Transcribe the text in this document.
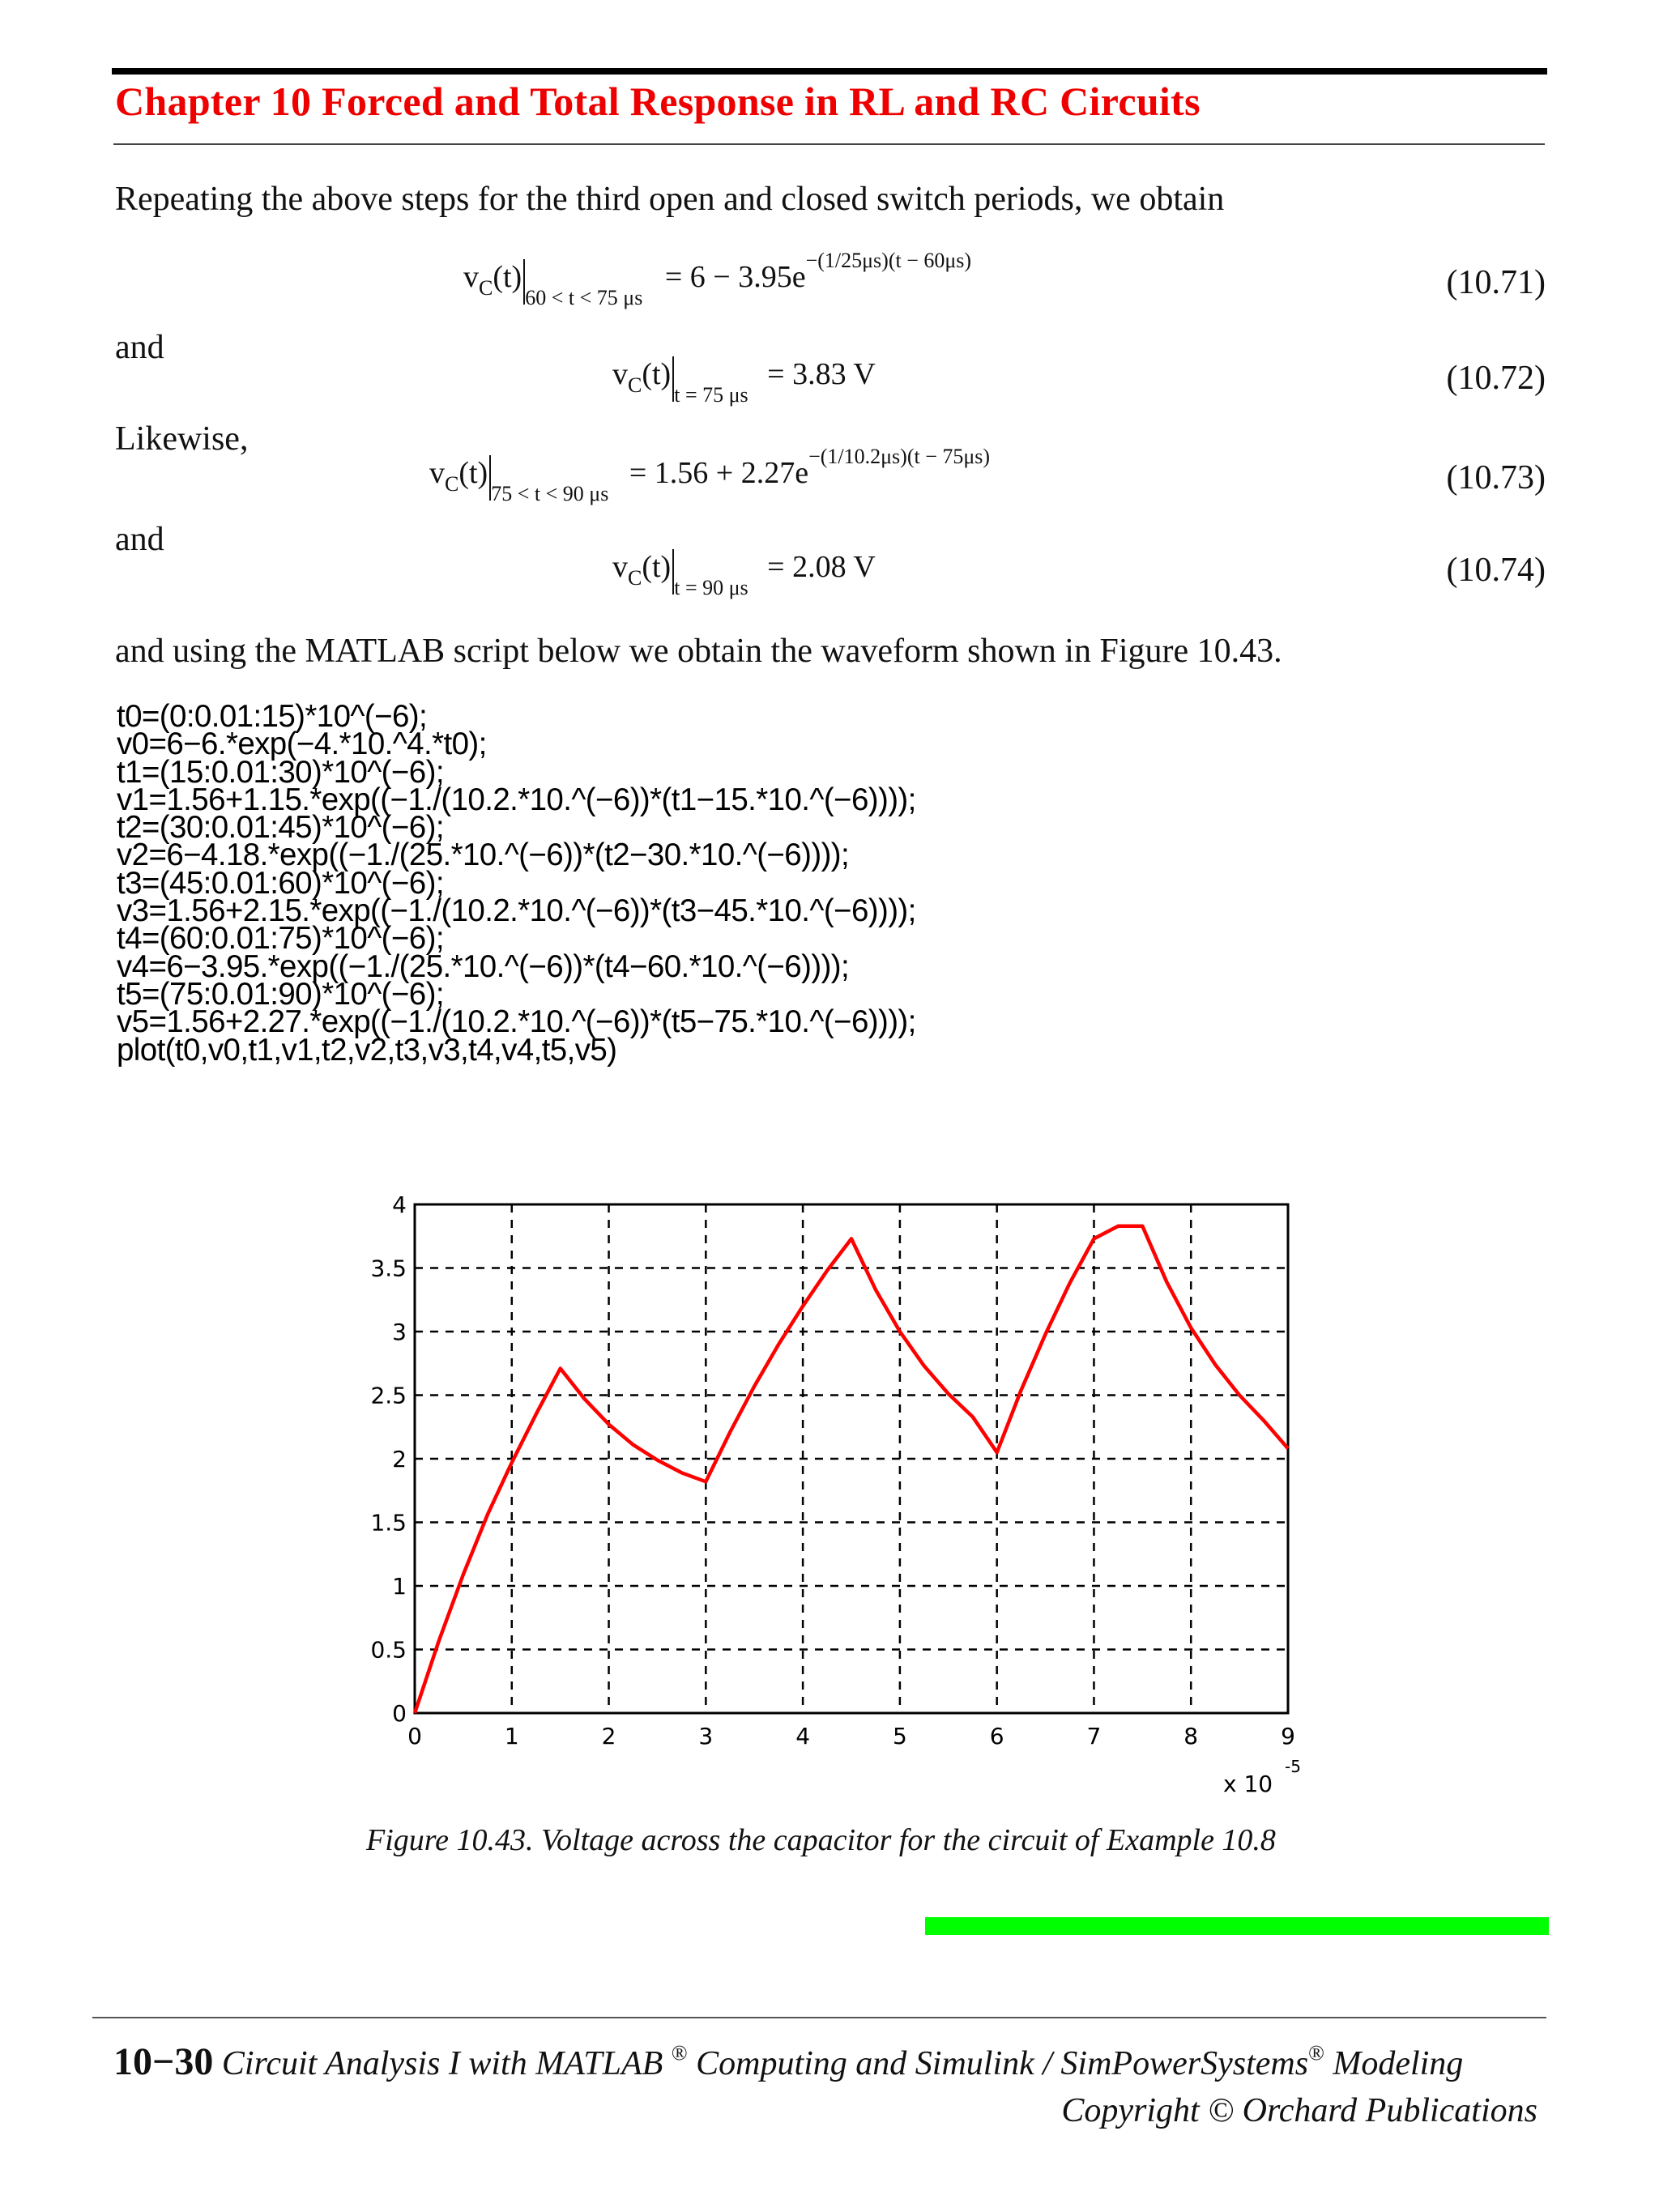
Chapter 10 Forced and Total Response in RL and RC Circuits
Repeating the above steps for the third open and closed switch periods, we obtain
$v_C(t)_{60 < t < 75 \mu s} = 6 - 3.95e^{-(1/25\mu s)(t - 60\mu s)}$
(10.71)
and
$v_C(t)_{t = 75 \mu s} = 3.83$ V	(10.72)
Likewise,
$v_C(t)_{75 < t < 90 \mu s} = 1.56 + 2.27e^{-(1/10.2\mu s)(t - 75\mu s)}$
(10.73)
and
$v_C(t)_{t = 90 \mu s} = 2.08$ V	(10.74)
and using the MATLAB script below we obtain the waveform shown in Figure 10.43.
t0=(0:0.01:15)*10^(−6);
v0=6−6.*exp(−4.*10.^4.*t0);
t1=(15:0.01:30)*10^(−6);
v1=1.56+1.15.*exp((−1./(10.2.*10.^(−6))*(t1−15.*10.^(−6))));
t2=(30:0.01:45)*10^(−6);
v2=6−4.18.*exp((−1./(25.*10.^(−6))*(t2−30.*10.^(−6))));
t3=(45:0.01:60)*10^(−6);
v3=1.56+2.15.*exp((−1./(10.2.*10.^(−6))*(t3−45.*10.^(−6))));
t4=(60:0.01:75)*10^(−6);
v4=6−3.95.*exp((−1./(25.*10.^(−6))*(t4−60.*10.^(−6))));
t5=(75:0.01:90)*10^(−6);
v5=1.56+2.27.*exp((−1./(10.2.*10.^(−6))*(t5−75.*10.^(−6))));
plot(t0,v0,t1,v1,t2,v2,t3,v3,t4,v4,t5,v5)
0	1	2	3	4	5	6	7	8	9
0
0.5
1
1.5
2
2.5
3
3.5
4
x 10
-5
Figure 10.43. Voltage across the capacitor for the circuit of Example 10.8
10−30 Circuit Analysis I with MATLAB ® Computing and Simulink / SimPowerSystems® Modeling
Copyright © Orchard Publications
